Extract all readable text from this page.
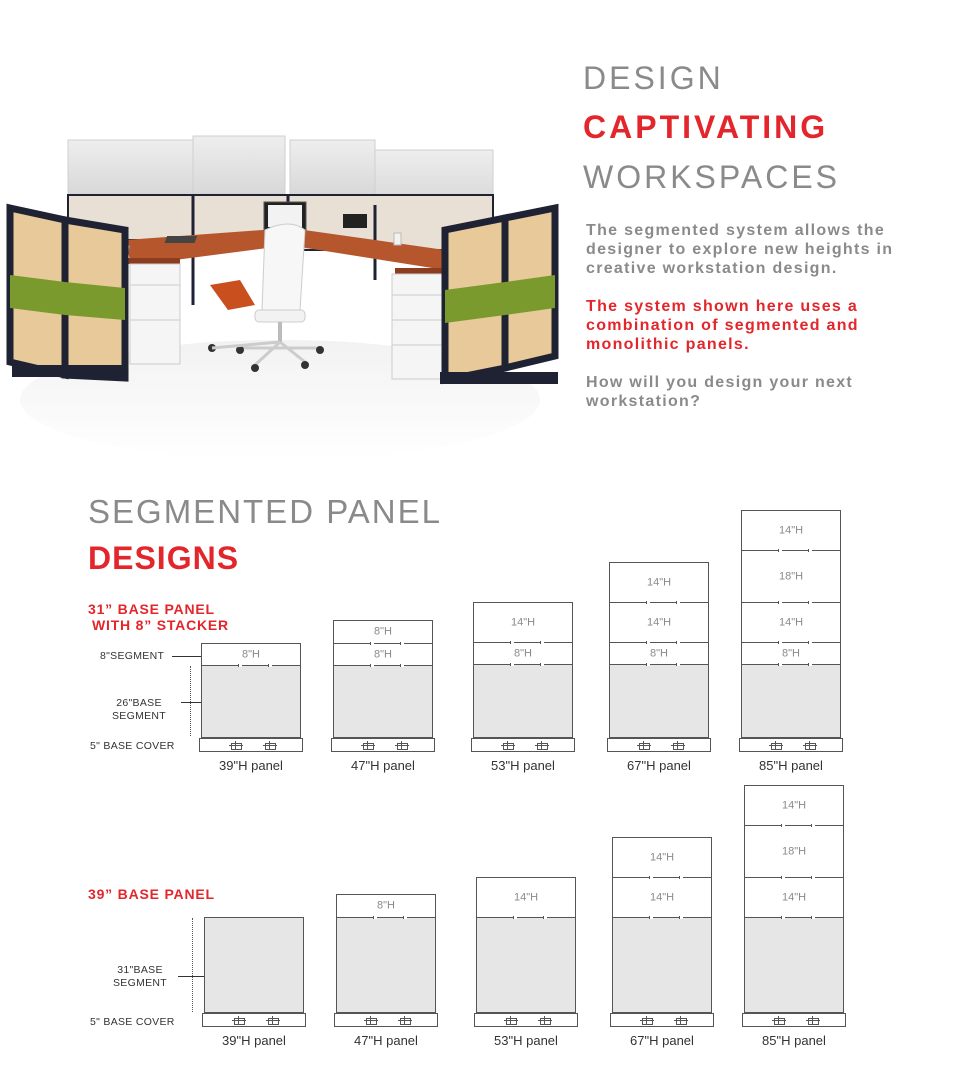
DESIGN
CAPTIVATING
WORKSPACES
The segmented system allows the designer to explore new heights in creative workstation design.
The system shown here uses a combination of segmented and monolithic panels.
How will you design your next workstation?
SEGMENTED PANEL
DESIGNS
31” BASE PANEL
WITH 8” STACKER
39” BASE PANEL
8"SEGMENT
26"BASE
SEGMENT
5" BASE COVER
31"BASE
SEGMENT
5" BASE COVER
8"H
39"H panel
8"H
8"H
47"H panel
14"H
8"H
53"H panel
14"H
14"H
8"H
67"H panel
14"H
18"H
14"H
8"H
85"H panel
39"H panel
8"H
47"H panel
14"H
53"H panel
14"H
14"H
67"H panel
14"H
18"H
14"H
85"H panel
